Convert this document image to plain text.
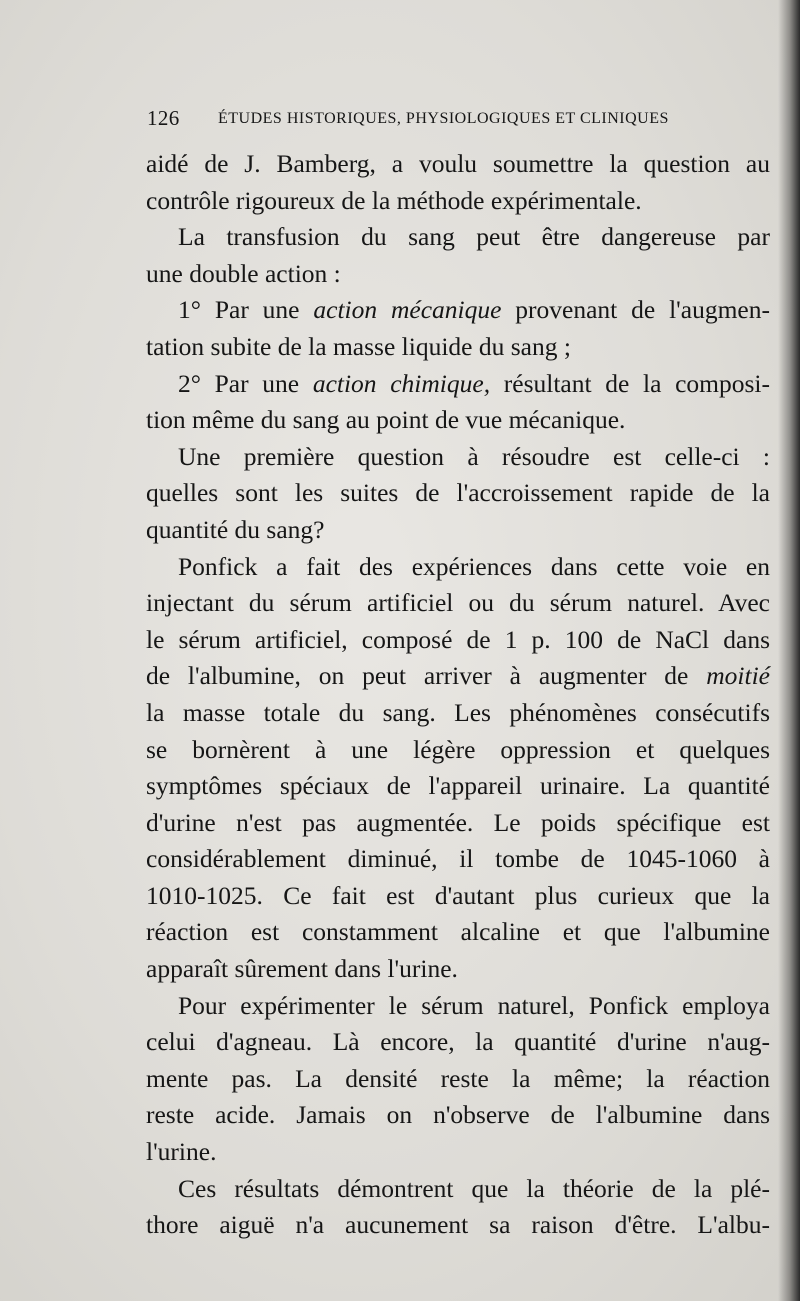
126 ÉTUDES HISTORIQUES, PHYSIOLOGIQUES ET CLINIQUES
aidé de J. Bamberg, a voulu soumettre la question au
contrôle rigoureux de la méthode expérimentale.
La transfusion du sang peut être dangereuse par
une double action :
1° Par une action mécanique provenant de l'augmen-
tation subite de la masse liquide du sang ;
2° Par une action chimique, résultant de la composi-
tion même du sang au point de vue mécanique.
Une première question à résoudre est celle-ci :
quelles sont les suites de l'accroissement rapide de la
quantité du sang?
Ponfick a fait des expériences dans cette voie en
injectant du sérum artificiel ou du sérum naturel. Avec
le sérum artificiel, composé de 1 p. 100 de NaCl dans
de l'albumine, on peut arriver à augmenter de moitié
la masse totale du sang. Les phénomènes consécutifs
se bornèrent à une légère oppression et quelques
symptômes spéciaux de l'appareil urinaire. La quantité
d'urine n'est pas augmentée. Le poids spécifique est
considérablement diminué, il tombe de 1045-1060 à
1010-1025. Ce fait est d'autant plus curieux que la
réaction est constamment alcaline et que l'albumine
apparaît sûrement dans l'urine.
Pour expérimenter le sérum naturel, Ponfick employa
celui d'agneau. Là encore, la quantité d'urine n'aug-
mente pas. La densité reste la même; la réaction
reste acide. Jamais on n'observe de l'albumine dans
l'urine.
Ces résultats démontrent que la théorie de la plé-
thore aiguë n'a aucunement sa raison d'être. L'albu-
